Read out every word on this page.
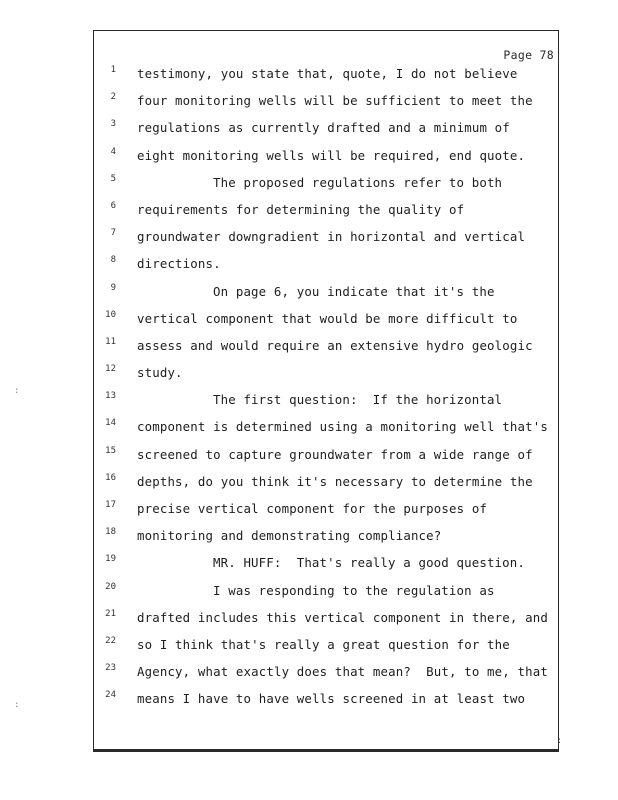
Page 78
1 testimony, you state that, quote, I do not believe
2 four monitoring wells will be sufficient to meet the
3 regulations as currently drafted and a minimum of
4 eight monitoring wells will be required, end quote.
5	The proposed regulations refer to both
6 requirements for determining the quality of
7 groundwater downgradient in horizontal and vertical
8 directions.
9	On page 6, you indicate that it's the
10 vertical component that would be more difficult to
11 assess and would require an extensive hydro geologic
12 study.
13	The first question:  If the horizontal
14 component is determined using a monitoring well that's
15 screened to capture groundwater from a wide range of
16 depths, do you think it's necessary to determine the
17 precise vertical component for the purposes of
18 monitoring and demonstrating compliance?
19	MR. HUFF:  That's really a good question.
20	I was responding to the regulation as
21 drafted includes this vertical component in there, and
22 so I think that's really a great question for the
23 Agency, what exactly does that mean?  But, to me, that
24 means I have to have wells screened in at least two
:
:
:
